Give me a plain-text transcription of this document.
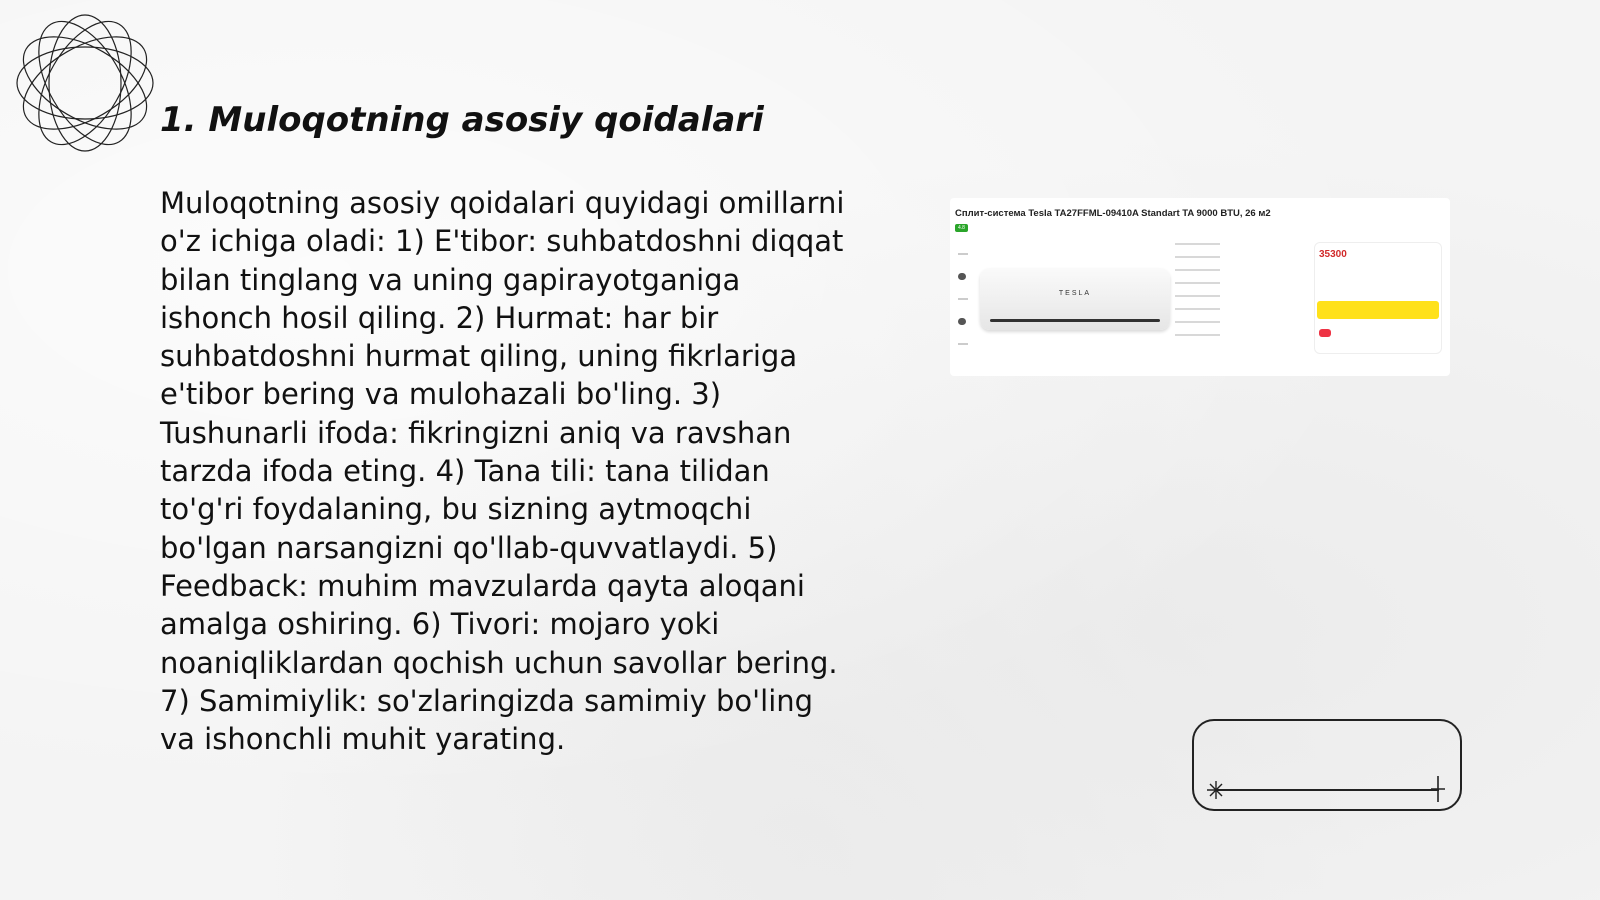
1. Muloqotning asosiy qoidalari

Muloqotning asosiy qoidalari quyidagi omillarni o'z ichiga oladi: 1) E'tibor: suhbatdoshni diqqat bilan tinglang va uning gapirayotganiga ishonch hosil qiling. 2) Hurmat: har bir suhbatdoshni hurmat qiling, uning fikrlariga e'tibor bering va mulohazali bo'ling. 3) Tushunarli ifoda: fikringizni aniq va ravshan tarzda ifoda eting. 4) Tana tili: tana tilidan to'g'ri foydalaning, bu sizning aytmoqchi bo'lgan narsangizni qo'llab-quvvatlaydi. 5) Feedback: muhim mavzularda qayta aloqani amalga oshiring. 6) Tivori: mojaro yoki noaniqliklardan qochish uchun savollar bering. 7) Samimiylik: so'zlaringizda samimiy bo'ling va ishonchli muhit yarating.

Сплит-система Tesla TA27FFML-09410A Standart TA 9000 BTU, 26 м2
4.8
TESLA
35300
